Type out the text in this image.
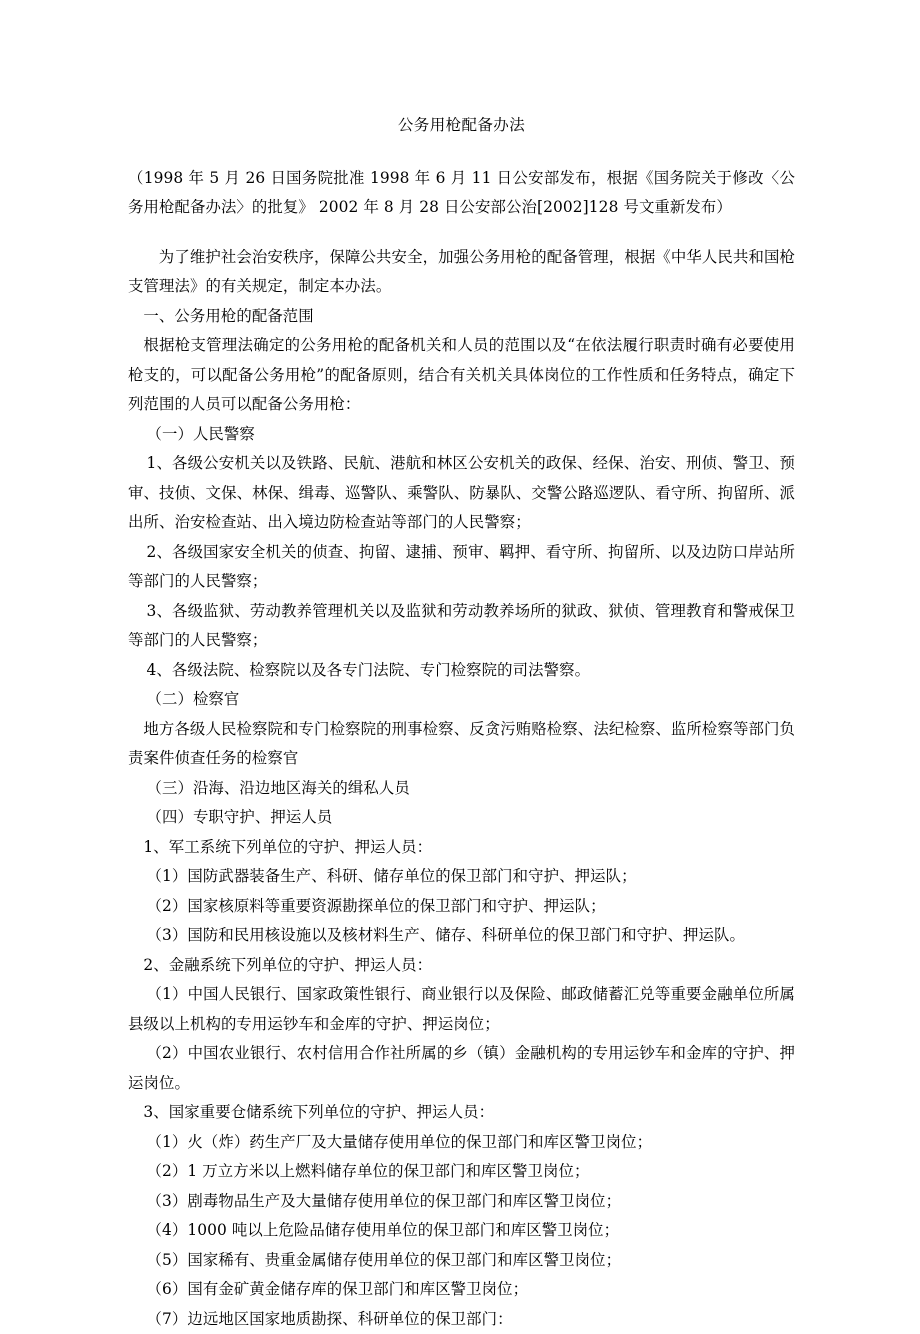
公务用枪配备办法

（1998 年 5 月 26 日国务院批准 1998 年 6 月 11 日公安部发布，根据《国务院关于修改〈公务用枪配备办法〉的批复》 2002 年 8 月 28 日公安部公治[2002]128 号文重新发布）

为了维护社会治安秩序，保障公共安全，加强公务用枪的配备管理，根据《中华人民共和国枪支管理法》的有关规定，制定本办法。

一、公务用枪的配备范围

根据枪支管理法确定的公务用枪的配备机关和人员的范围以及“在依法履行职责时确有必要使用枪支的，可以配备公务用枪”的配备原则，结合有关机关具体岗位的工作性质和任务特点，确定下列范围的人员可以配备公务用枪：

（一）人民警察

1、各级公安机关以及铁路、民航、港航和林区公安机关的政保、经保、治安、刑侦、警卫、预审、技侦、文保、林保、缉毒、巡警队、乘警队、防暴队、交警公路巡逻队、看守所、拘留所、派出所、治安检查站、出入境边防检查站等部门的人民警察；

2、各级国家安全机关的侦查、拘留、逮捕、预审、羁押、看守所、拘留所、以及边防口岸站所等部门的人民警察；

3、各级监狱、劳动教养管理机关以及监狱和劳动教养场所的狱政、狱侦、管理教育和警戒保卫等部门的人民警察；

4、各级法院、检察院以及各专门法院、专门检察院的司法警察。

（二）检察官

地方各级人民检察院和专门检察院的刑事检察、反贪污贿赂检察、法纪检察、监所检察等部门负责案件侦查任务的检察官

（三）沿海、沿边地区海关的缉私人员

（四）专职守护、押运人员

1、军工系统下列单位的守护、押运人员：

（1）国防武器装备生产、科研、储存单位的保卫部门和守护、押运队；

（2）国家核原料等重要资源勘探单位的保卫部门和守护、押运队；

（3）国防和民用核设施以及核材料生产、储存、科研单位的保卫部门和守护、押运队。

2、金融系统下列单位的守护、押运人员：

（1）中国人民银行、国家政策性银行、商业银行以及保险、邮政储蓄汇兑等重要金融单位所属县级以上机构的专用运钞车和金库的守护、押运岗位；

（2）中国农业银行、农村信用合作社所属的乡（镇）金融机构的专用运钞车和金库的守护、押运岗位。

3、国家重要仓储系统下列单位的守护、押运人员：

（1）火（炸）药生产厂及大量储存使用单位的保卫部门和库区警卫岗位；

（2）1 万立方米以上燃料储存单位的保卫部门和库区警卫岗位；

（3）剧毒物品生产及大量储存使用单位的保卫部门和库区警卫岗位；

（4）1000 吨以上危险品储存使用单位的保卫部门和库区警卫岗位；

（5）国家稀有、贵重金属储存使用单位的保卫部门和库区警卫岗位；

（6）国有金矿黄金储存库的保卫部门和库区警卫岗位；

（7）边远地区国家地质勘探、科研单位的保卫部门：
